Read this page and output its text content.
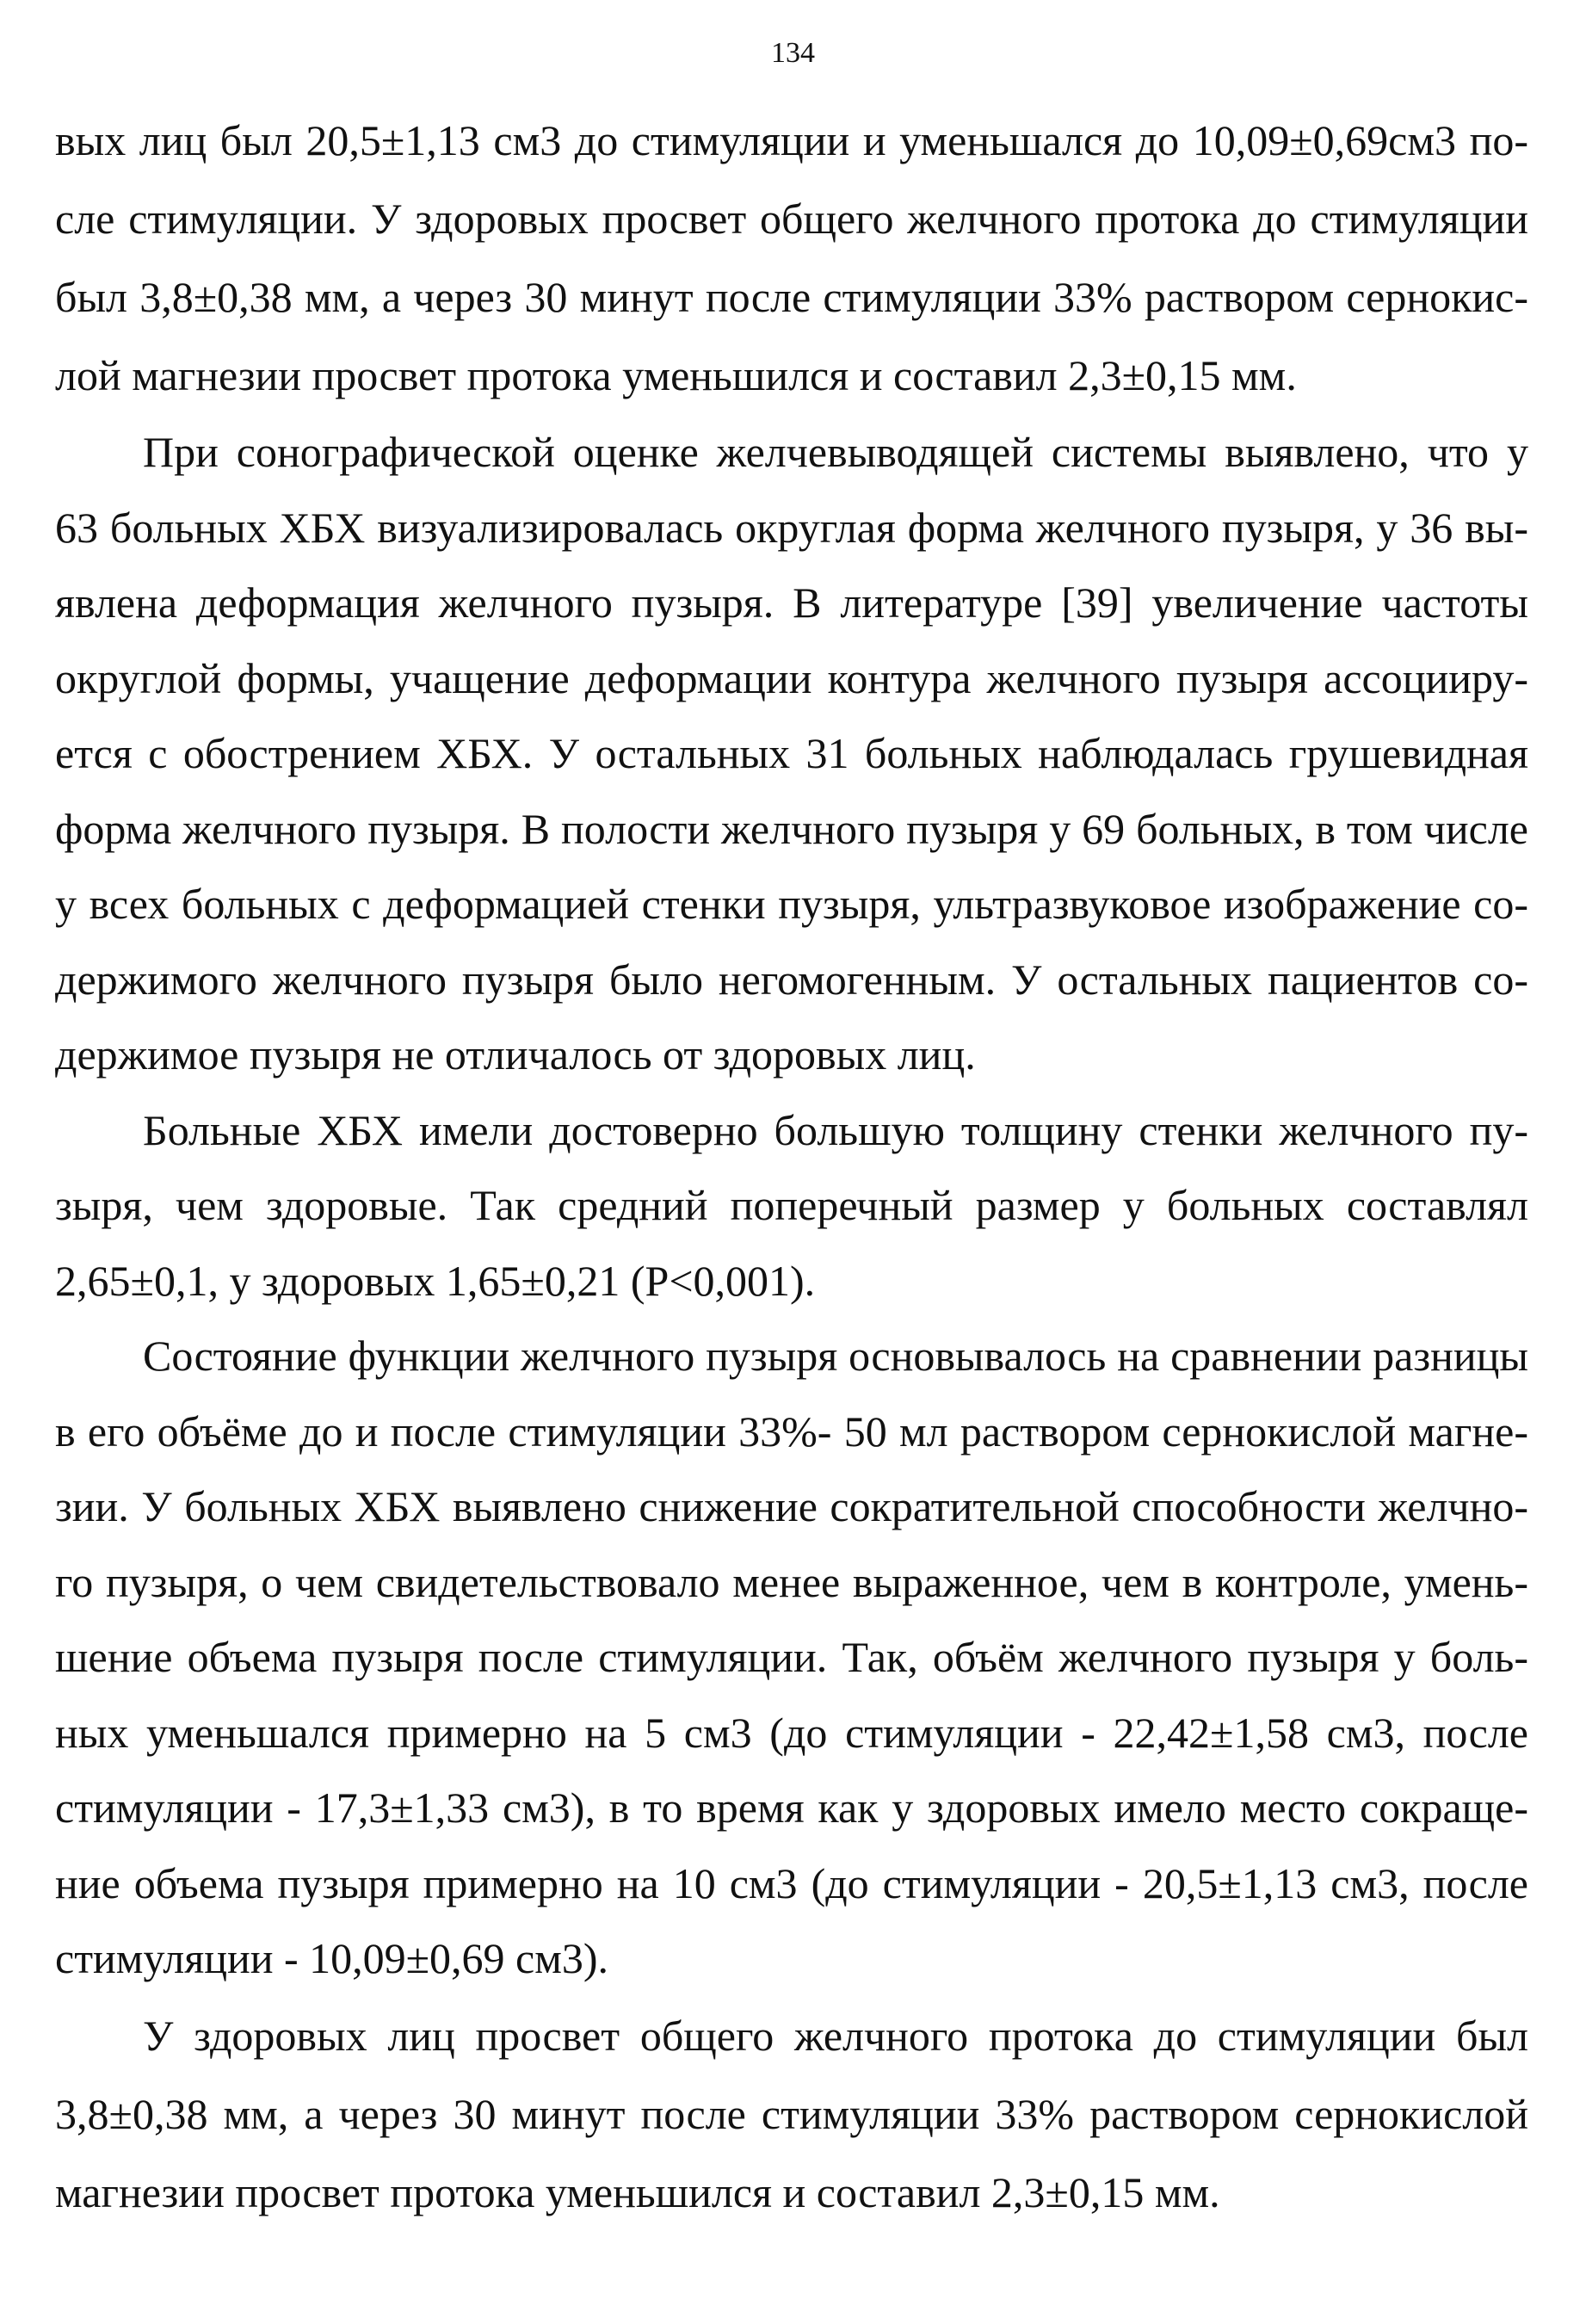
134

вых лиц был 20,5±1,13 см3 до стимуляции и уменьшался до 10,09±0,69см3 после стимуляции. У здоровых просвет общего желчного протока до стимуляции был 3,8±0,38 мм, а через 30 минут после стимуляции 33% раствором сернокислой магнезии просвет протока уменьшился и составил 2,3±0,15 мм.

При сонографической оценке желчевыводящей системы выявлено, что у 63 больных ХБХ визуализировалась округлая форма желчного пузыря, у 36 выявлена деформация желчного пузыря. В литературе [39] увеличение частоты округлой формы, учащение деформации контура желчного пузыря ассоциируется с обострением ХБХ. У остальных 31 больных наблюдалась грушевидная форма желчного пузыря. В полости желчного пузыря у 69 больных, в том числе у всех больных с деформацией стенки пузыря, ультразвуковое изображение содержимого желчного пузыря было негомогенным. У остальных пациентов содержимое пузыря не отличалось от здоровых лиц.

Больные ХБХ имели достоверно большую толщину стенки желчного пузыря, чем здоровые. Так средний поперечный размер у больных составлял 2,65±0,1, у здоровых 1,65±0,21 (Р<0,001).

Состояние функции желчного пузыря основывалось на сравнении разницы в его объёме до и после стимуляции 33%- 50 мл раствором сернокислой магнезии. У больных ХБХ выявлено снижение сократительной способности желчного пузыря, о чем свидетельствовало менее выраженное, чем в контроле, уменьшение объема пузыря после стимуляции. Так, объём желчного пузыря у больных уменьшался примерно на 5 см3 (до стимуляции - 22,42±1,58 см3, после стимуляции - 17,3±1,33 см3), в то время как у здоровых имело место сокращение объема пузыря примерно на 10 см3 (до стимуляции - 20,5±1,13 см3, после стимуляции - 10,09±0,69 см3).

У здоровых лиц просвет общего желчного протока до стимуляции был 3,8±0,38 мм, а через 30 минут после стимуляции 33% раствором сернокислой магнезии просвет протока уменьшился и составил 2,3±0,15 мм.
